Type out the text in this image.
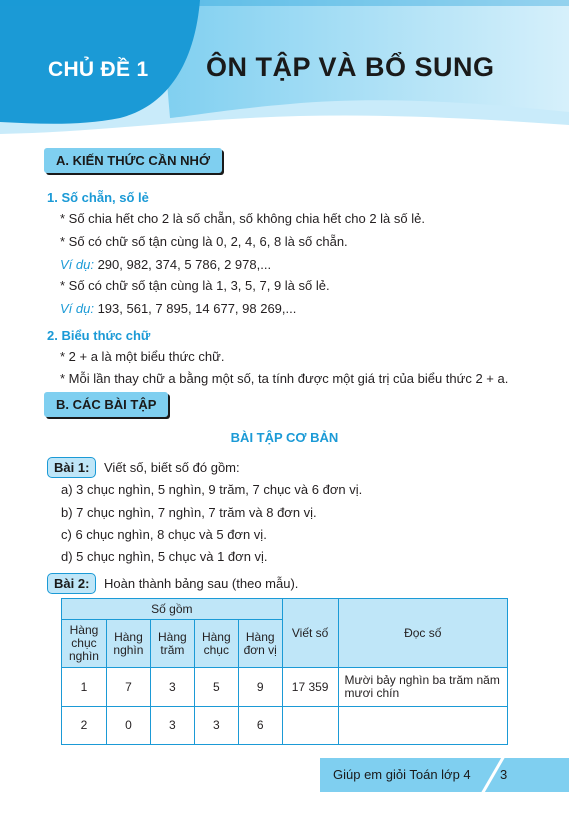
CHỦ ĐỀ 1 ÔN TẬP VÀ BỔ SUNG
A. KIẾN THỨC CẦN NHỚ
1. Số chẵn, số lẻ
* Số chia hết cho 2 là số chẵn, số không chia hết cho 2 là số lẻ.
* Số có chữ số tận cùng là 0, 2, 4, 6, 8 là số chẵn.
Ví dụ: 290, 982, 374, 5 786, 2 978,...
* Số có chữ số tận cùng là 1, 3, 5, 7, 9 là số lẻ.
Ví dụ: 193, 561, 7 895, 14 677, 98 269,...
2. Biểu thức chữ
* 2 + a là một biểu thức chữ.
* Mỗi lần thay chữ a bằng một số, ta tính được một giá trị của biểu thức 2 + a.
B. CÁC BÀI TẬP
BÀI TẬP CƠ BẢN
Bài 1:	Viết số, biết số đó gồm:
a) 3 chục nghìn, 5 nghìn, 9 trăm, 7 chục và 6 đơn vị.
b) 7 chục nghìn, 7 nghìn, 7 trăm và 8 đơn vị.
c) 6 chục nghìn, 8 chục và 5 đơn vị.
d) 5 chục nghìn, 5 chục và 1 đơn vị.
Bài 2:	Hoàn thành bảng sau (theo mẫu).
Số gồm					Viết số	Đọc số
Hàng chục nghìn	Hàng nghìn	Hàng trăm	Hàng chục	Hàng đơn vị		
1	7	3	5	9	17 359	Mười bảy nghìn ba trăm năm mươi chín
2	0	3	3	6		
Giúp em giỏi Toán lớp 4 3
